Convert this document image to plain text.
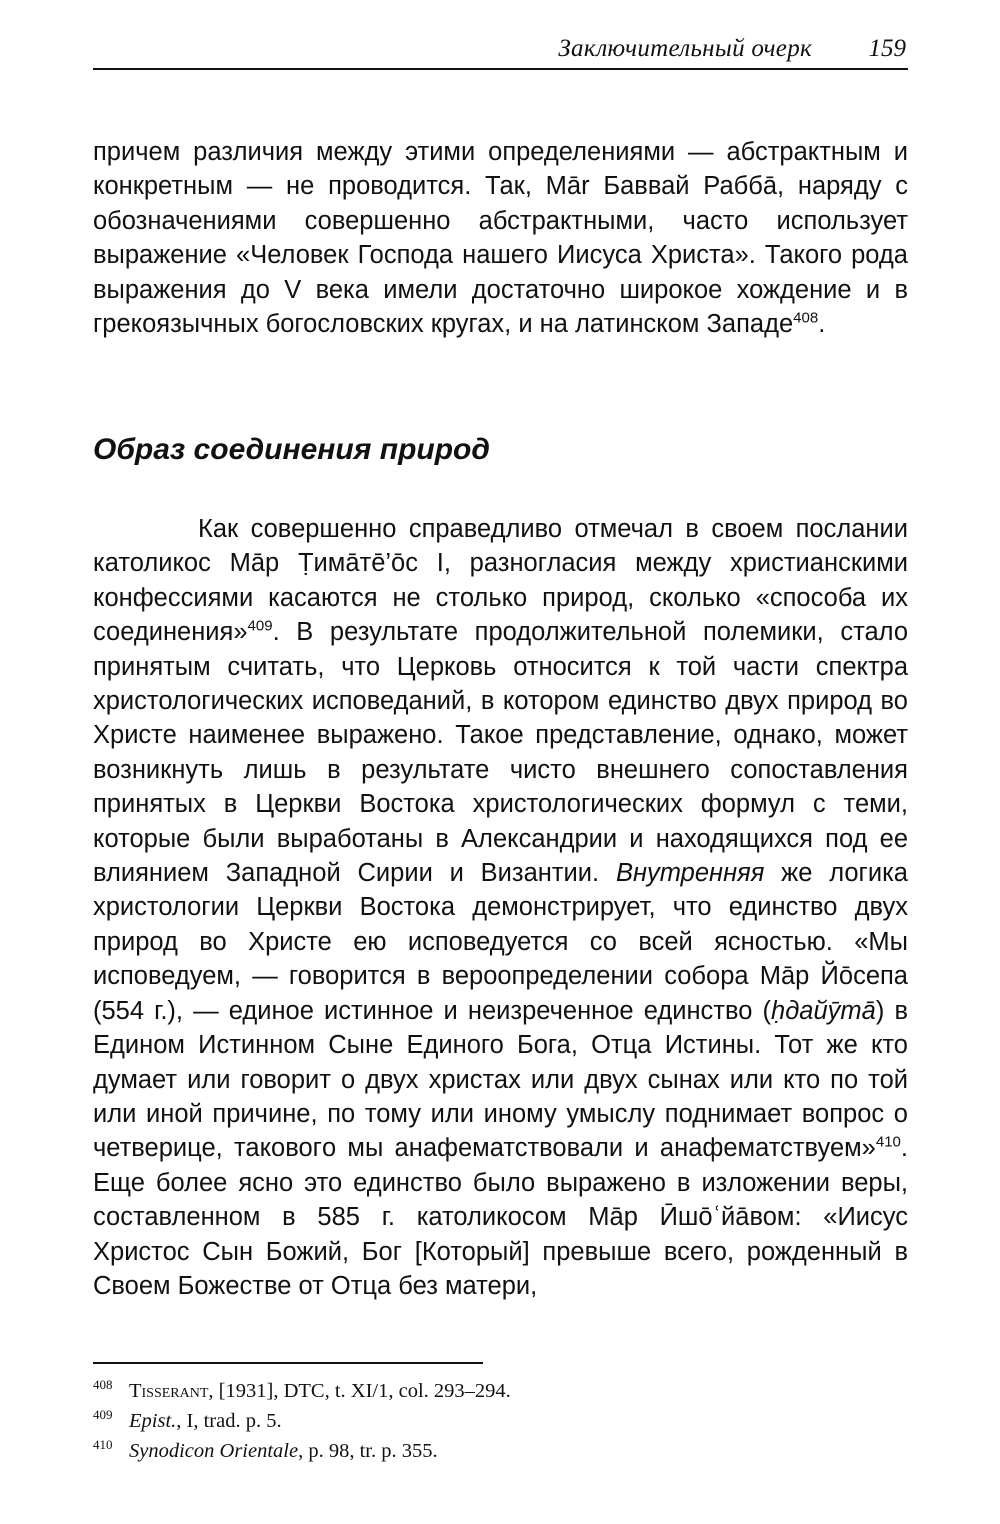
Заключительный очерк 159

причем различия между этими определениями — абстрактным и конкретным — не проводится. Так, Мār Баввай Раббā, наряду с обозначениями совершенно абстрактными, часто использует выражение «Человек Господа нашего Иисуса Христа». Такого рода выражения до V века имели достаточно широкое хождение и в грекоязычных богословских кругах, и на латинском Западе$^{408}$.

Образ соединения природ

Как совершенно справедливо отмечал в своем послании католикос Мāр Ṭимāтē’ōс I, разногласия между христианскими конфессиями касаются не столько природ, сколько «способа их соединения»$^{409}$. В результате продолжительной полемики, стало принятым считать, что Церковь относится к той части спектра христологических исповеданий, в котором единство двух природ во Христе наименее выражено. Такое представление, однако, может возникнуть лишь в результате чисто внешнего сопоставления принятых в Церкви Востока христологических формул с теми, которые были выработаны в Александрии и находящихся под ее влиянием Западной Сирии и Византии. Внутренняя же логика христологии Церкви Востока демонстрирует, что единство двух природ во Христе ею исповедуется со всей ясностью. «Мы исповедуем, — говорится в вероопределении собора Мāр Йōсепа (554 г.), — единое истинное и неизреченное единство (ḥдайӯтā) в Едином Истинном Сыне Единого Бога, Отца Истины. Тот же кто думает или говорит о двух христах или двух сынах или кто по той или иной причине, по тому или иному умыслу поднимает вопрос о четверице, таковогo мы анафематствовали и анафематствуем»$^{410}$. Еще более ясно это единство было выражено в изложении веры, составленном в 585 г. католикосом Мāр Ӣшōʿйāвом: «Иисус Христос Сын Божий, Бог [Который] превыше всего, рожденный в Своем Божестве от Отца без матери,

408 Tisserant, [1931], DTC, t. XI/1, col. 293–294.
409 Epist., I, trad. p. 5.
410 Synodicon Orientale, p. 98, tr. p. 355.
